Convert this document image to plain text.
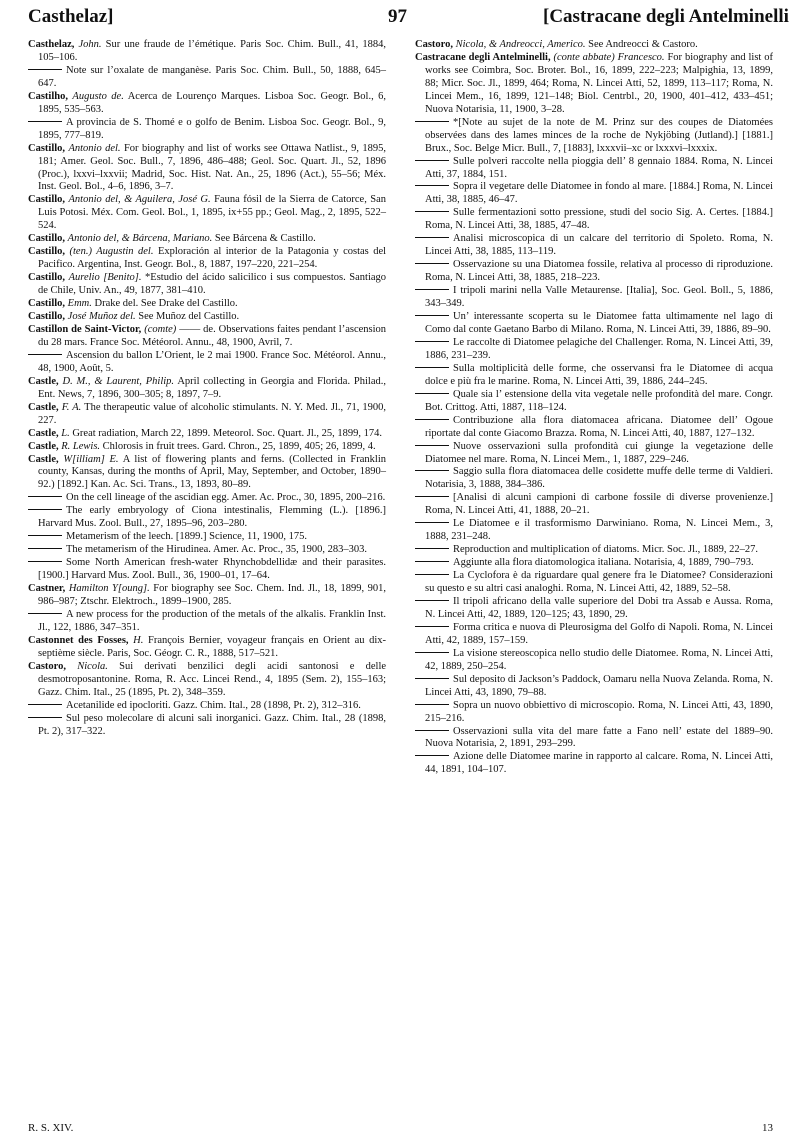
Casthelaz]	97	[Castracane degli Antelminelli

Casthelaz, John. Sur une fraude de l’émétique. Paris Soc. Chim. Bull., 41, 1884, 105–106.

Note sur l’oxalate de manganèse. Paris Soc. Chim. Bull., 50, 1888, 645–647.

Castilho, Augusto de. Acerca de Lourenço Marques. Lisboa Soc. Geogr. Bol., 6, 1895, 535–563.

A provincia de S. Thomé e o golfo de Benim. Lisboa Soc. Geogr. Bol., 9, 1895, 777–819.

Castillo, Antonio del. For biography and list of works see Ottawa Natlist., 9, 1895, 181; Amer. Geol. Soc. Bull., 7, 1896, 486–488; Geol. Soc. Quart. Jl., 52, 1896 (Proc.), lxxvi–lxxvii; Madrid, Soc. Hist. Nat. An., 25, 1896 (Act.), 55–56; Méx. Inst. Geol. Bol., 4–6, 1896, 3–7.

Castillo, Antonio del, & Aguilera, José G. Fauna fósil de la Sierra de Catorce, San Luis Potosi. Méx. Com. Geol. Bol., 1, 1895, ix+55 pp.; Geol. Mag., 2, 1895, 522–524.

Castillo, Antonio del, & Bárcena, Mariano. See Bárcena & Castillo.

Castillo, (ten.) Augustin del. Exploración al interior de la Patagonia y costas del Pacifico. Argentina, Inst. Geogr. Bol., 8, 1887, 197–220, 221–254.

Castillo, Aurelio [Benito]. *Estudio del ácido salicilico i sus compuestos. Santiago de Chile, Univ. An., 49, 1877, 381–410.

Castillo, Emm. Drake del. See Drake del Castillo.

Castillo, José Muñoz del. See Muñoz del Castillo.

Castillon de Saint-Victor, (comte) —— de. Observations faites pendant l’ascension du 28 mars. France Soc. Météorol. Annu., 48, 1900, Avril, 7.

Ascension du ballon L’Orient, le 2 mai 1900. France Soc. Météorol. Annu., 48, 1900, Août, 5.

Castle, D. M., & Laurent, Philip. April collecting in Georgia and Florida. Philad., Ent. News, 7, 1896, 300–305; 8, 1897, 7–9.

Castle, F. A. The therapeutic value of alcoholic stimulants. N. Y. Med. Jl., 71, 1900, 227.

Castle, L. Great radiation, March 22, 1899. Meteorol. Soc. Quart. Jl., 25, 1899, 174.

Castle, R. Lewis. Chlorosis in fruit trees. Gard. Chron., 25, 1899, 405; 26, 1899, 4.

Castle, W[illiam] E. A list of flowering plants and ferns. (Collected in Franklin county, Kansas, during the months of April, May, September, and October, 1890–92.) [1892.] Kan. Ac. Sci. Trans., 13, 1893, 80–89.

On the cell lineage of the ascidian egg. Amer. Ac. Proc., 30, 1895, 200–216.

The early embryology of Ciona intestinalis, Flemming (L.). [1896.] Harvard Mus. Zool. Bull., 27, 1895–96, 203–280.

Metamerism of the leech. [1899.] Science, 11, 1900, 175.

The metamerism of the Hirudinea. Amer. Ac. Proc., 35, 1900, 283–303.

Some North American fresh-water Rhynchobdellidæ and their parasites. [1900.] Harvard Mus. Zool. Bull., 36, 1900–01, 17–64.

Castner, Hamilton Y[oung]. For biography see Soc. Chem. Ind. Jl., 18, 1899, 901, 986–987; Ztschr. Elektroch., 1899–1900, 285.

A new process for the production of the metals of the alkalis. Franklin Inst. Jl., 122, 1886, 347–351.

Castonnet des Fosses, H. François Bernier, voyageur français en Orient au dix-septième siècle. Paris, Soc. Géogr. C. R., 1888, 517–521.

Castoro, Nicola. Sui derivati benzilici degli acidi santonosi e delle desmotroposantonine. Roma, R. Acc. Lincei Rend., 4, 1895 (Sem. 2), 155–163; Gazz. Chim. Ital., 25 (1895, Pt. 2), 348–359.

Acetanilide ed ipocloriti. Gazz. Chim. Ital., 28 (1898, Pt. 2), 312–316.

Sul peso molecolare di alcuni sali inorganici. Gazz. Chim. Ital., 28 (1898, Pt. 2), 317–322.

Castoro, Nicola, & Andreocci, Americo. See Andreocci & Castoro.

Castracane degli Antelminelli, (conte abbate) Francesco. For biography and list of works see Coimbra, Soc. Broter. Bol., 16, 1899, 222–223; Malpighia, 13, 1899, 88; Micr. Soc. Jl., 1899, 464; Roma, N. Lincei Atti, 52, 1899, 113–117; Roma, N. Lincei Mem., 16, 1899, 121–148; Biol. Centrbl., 20, 1900, 401–412, 433–451; Nuova Notarisia, 11, 1900, 3–28.

*[Note au sujet de la note de M. Prinz sur des coupes de Diatomées observées dans des lames minces de la roche de Nykjöbing (Jutland).] [1881.] Brux., Soc. Belge Micr. Bull., 7, [1883], lxxxvii–xc or lxxxvi–lxxxix.

Sulle polveri raccolte nella pioggia dell’ 8 gennaio 1884. Roma, N. Lincei Atti, 37, 1884, 151.

Sopra il vegetare delle Diatomee in fondo al mare. [1884.] Roma, N. Lincei Atti, 38, 1885, 46–47.

Sulle fermentazioni sotto pressione, studi del socio Sig. A. Certes. [1884.] Roma, N. Lincei Atti, 38, 1885, 47–48.

Analisi microscopica di un calcare del territorio di Spoleto. Roma, N. Lincei Atti, 38, 1885, 113–119.

Osservazione su una Diatomea fossile, relativa al processo di riproduzione. Roma, N. Lincei Atti, 38, 1885, 218–223.

I tripoli marini nella Valle Metaurense. [Italia], Soc. Geol. Boll., 5, 1886, 343–349.

Un’ interessante scoperta su le Diatomee fatta ultimamente nel lago di Como dal conte Gaetano Barbo di Milano. Roma, N. Lincei Atti, 39, 1886, 89–90.

Le raccolte di Diatomee pelagiche del Challenger. Roma, N. Lincei Atti, 39, 1886, 231–239.

Sulla moltiplicità delle forme, che osservansi fra le Diatomee di acqua dolce e più fra le marine. Roma, N. Lincei Atti, 39, 1886, 244–245.

Quale sia l’ estensione della vita vegetale nelle profondità del mare. Congr. Bot. Crittog. Atti, 1887, 118–124.

Contribuzione alla flora diatomacea africana. Diatomee dell’ Ogoue riportate dal conte Giacomo Brazza. Roma, N. Lincei Atti, 40, 1887, 127–132.

Nuove osservazioni sulla profondità cui giunge la vegetazione delle Diatomee nel mare. Roma, N. Lincei Mem., 1, 1887, 229–246.

Saggio sulla flora diatomacea delle cosidette muffe delle terme di Valdieri. Notarisia, 3, 1888, 384–386.

[Analisi di alcuni campioni di carbone fossile di diverse provenienze.] Roma, N. Lincei Atti, 41, 1888, 20–21.

Le Diatomee e il trasformismo Darwiniano. Roma, N. Lincei Mem., 3, 1888, 231–248.

Reproduction and multiplication of diatoms. Micr. Soc. Jl., 1889, 22–27.

Aggiunte alla flora diatomologica italiana. Notarisia, 4, 1889, 790–793.

La Cyclofora è da riguardare qual genere fra le Diatomee? Considerazioni su questo e su altri casi analoghi. Roma, N. Lincei Atti, 42, 1889, 52–58.

Il tripoli africano della valle superiore del Dobi tra Assab e Aussa. Roma, N. Lincei Atti, 42, 1889, 120–125; 43, 1890, 29.

Forma critica e nuova di Pleurosigma del Golfo di Napoli. Roma, N. Lincei Atti, 42, 1889, 157–159.

La visione stereoscopica nello studio delle Diatomee. Roma, N. Lincei Atti, 42, 1889, 250–254.

Sul deposito di Jackson’s Paddock, Oamaru nella Nuova Zelanda. Roma, N. Lincei Atti, 43, 1890, 79–88.

Sopra un nuovo obbiettivo di microscopio. Roma, N. Lincei Atti, 43, 1890, 215–216.

Osservazioni sulla vita del mare fatte a Fano nell’ estate del 1889–90. Nuova Notarisia, 2, 1891, 293–299.

Azione delle Diatomee marine in rapporto al calcare. Roma, N. Lincei Atti, 44, 1891, 104–107.

R. S. XIV.	13
